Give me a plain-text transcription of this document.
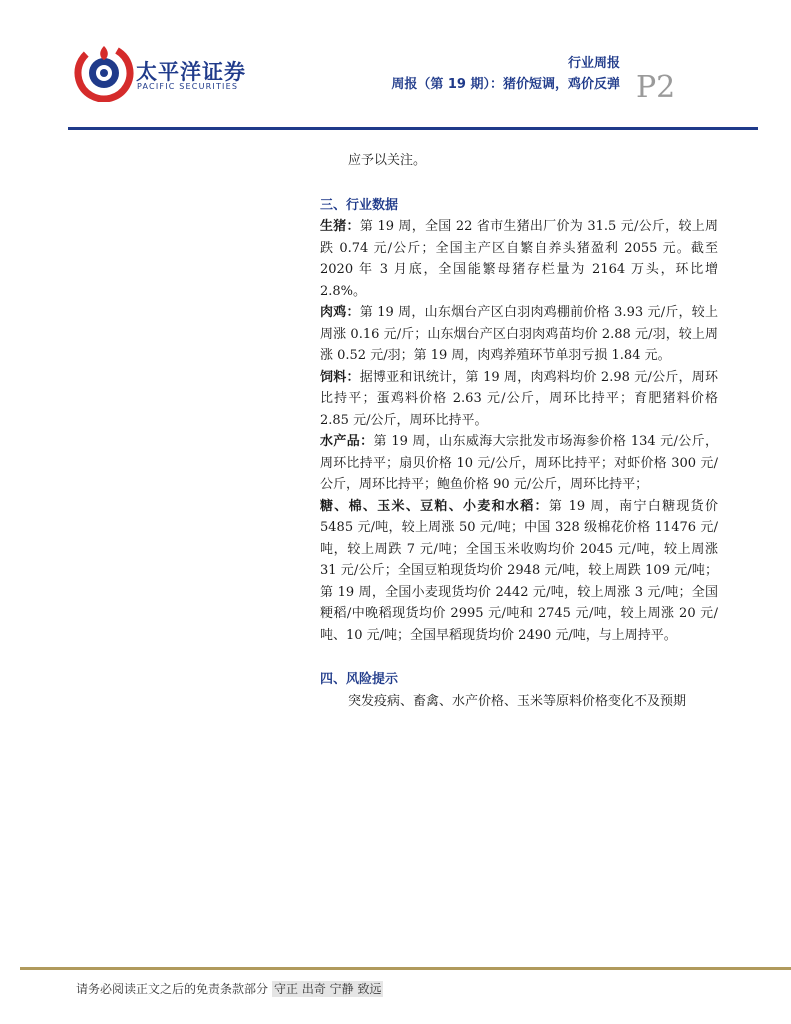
太平洋证券
PACIFIC SECURITIES
行业周报
周报（第 19 期）：猪价短调，鸡价反弹 P2

应予以关注。

三、行业数据

生猪：第 19 周，全国 22 省市生猪出厂价为 31.5 元/公斤，较上周跌 0.74 元/公斤；全国主产区自繁自养头猪盈利 2055 元。截至 2020 年 3 月底，全国能繁母猪存栏量为 2164 万头，环比增 2.8%。

肉鸡：第 19 周，山东烟台产区白羽肉鸡棚前价格 3.93 元/斤，较上周涨 0.16 元/斤；山东烟台产区白羽肉鸡苗均价 2.88 元/羽，较上周涨 0.52 元/羽；第 19 周，肉鸡养殖环节单羽亏损 1.84 元。

饲料：据博亚和讯统计，第 19 周，肉鸡料均价 2.98 元/公斤，周环比持平；蛋鸡料价格 2.63 元/公斤，周环比持平；育肥猪料价格 2.85 元/公斤，周环比持平。

水产品：第 19 周，山东威海大宗批发市场海参价格 134 元/公斤，周环比持平；扇贝价格 10 元/公斤，周环比持平；对虾价格 300 元/公斤，周环比持平；鲍鱼价格 90 元/公斤，周环比持平；

糖、棉、玉米、豆粕、小麦和水稻：第 19 周，南宁白糖现货价 5485 元/吨，较上周涨 50 元/吨；中国 328 级棉花价格 11476 元/吨，较上周跌 7 元/吨；全国玉米收购均价 2045 元/吨，较上周涨 31 元/公斤；全国豆粕现货均价 2948 元/吨，较上周跌 109 元/吨；第 19 周，全国小麦现货均价 2442 元/吨，较上周涨 3 元/吨；全国粳稻/中晚稻现货均价 2995 元/吨和 2745 元/吨，较上周涨 20 元/吨、10 元/吨；全国早稻现货均价 2490 元/吨，与上周持平。

四、风险提示

突发疫病、畜禽、水产价格、玉米等原料价格变化不及预期

请务必阅读正文之后的免责条款部分 守正 出奇 宁静 致远
